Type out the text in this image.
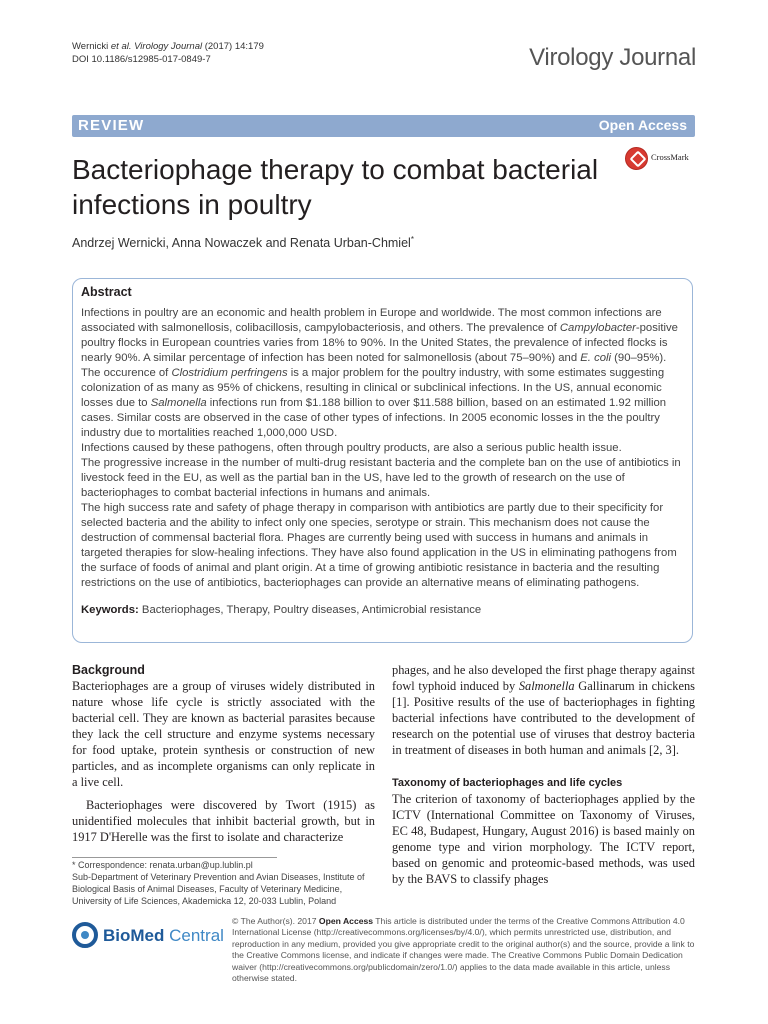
Wernicki et al. Virology Journal (2017) 14:179
DOI 10.1186/s12985-017-0849-7	Virology Journal
REVIEW	Open Access
Bacteriophage therapy to combat bacterial infections in poultry
CrossMark
Andrzej Wernicki, Anna Nowaczek and Renata Urban-Chmiel*
Abstract

Infections in poultry are an economic and health problem in Europe and worldwide. The most common infections are associated with salmonellosis, colibacillosis, campylobacteriosis, and others. The prevalence of Campylobacter-positive poultry flocks in European countries varies from 18% to 90%. In the United States, the prevalence of infected flocks is nearly 90%. A similar percentage of infection has been noted for salmonellosis (about 75–90%) and E. coli (90–95%). The occurence of Clostridium perfringens is a major problem for the poultry industry, with some estimates suggesting colonization of as many as 95% of chickens, resulting in clinical or subclinical infections. In the US, annual economic losses due to Salmonella infections run from $1.188 billion to over $11.588 billion, based on an estimated 1.92 million cases. Similar costs are observed in the case of other types of infections. In 2005 economic losses in the the poultry industry due to mortalities reached 1,000,000 USD.

Infections caused by these pathogens, often through poultry products, are also a serious public health issue.

The progressive increase in the number of multi-drug resistant bacteria and the complete ban on the use of antibiotics in livestock feed in the EU, as well as the partial ban in the US, have led to the growth of research on the use of bacteriophages to combat bacterial infections in humans and animals.

The high success rate and safety of phage therapy in comparison with antibiotics are partly due to their specificity for selected bacteria and the ability to infect only one species, serotype or strain. This mechanism does not cause the destruction of commensal bacterial flora. Phages are currently being used with success in humans and animals in targeted therapies for slow-healing infections. They have also found application in the US in eliminating pathogens from the surface of foods of animal and plant origin. At a time of growing antibiotic resistance in bacteria and the resulting restrictions on the use of antibiotics, bacteriophages can provide an alternative means of eliminating pathogens.

Keywords: Bacteriophages, Therapy, Poultry diseases, Antimicrobial resistance
Background

Bacteriophages are a group of viruses widely distributed in nature whose life cycle is strictly associated with the bacterial cell. They are known as bacterial parasites because they lack the cell structure and enzyme systems necessary for food uptake, protein synthesis or construction of new particles, and as incomplete organisms can only replicate in a live cell.

Bacteriophages were discovered by Twort (1915) as unidentified molecules that inhibit bacterial growth, but in 1917 D'Herelle was the first to isolate and characterize

phages, and he also developed the first phage therapy against fowl typhoid induced by Salmonella Gallinarum in chickens [1]. Positive results of the use of bacteriophages in fighting bacterial infections have contributed to the development of research on the potential use of viruses that destroy bacteria in treatment of diseases in both human and animals [2, 3].

Taxonomy of bacteriophages and life cycles

The criterion of taxonomy of bacteriophages applied by the ICTV (International Committee on Taxonomy of Viruses, EC 48, Budapest, Hungary, August 2016) is based mainly on genome type and virion morphology. The ICTV report, based on genomic and proteomic-based methods, was used by the BAVS to classify phages

* Correspondence: renata.urban@up.lublin.pl
Sub-Department of Veterinary Prevention and Avian Diseases, Institute of Biological Basis of Animal Diseases, Faculty of Veterinary Medicine, University of Life Sciences, Akademicka 12, 20-033 Lublin, Poland
BioMed Central
© The Author(s). 2017 Open Access This article is distributed under the terms of the Creative Commons Attribution 4.0 International License (http://creativecommons.org/licenses/by/4.0/), which permits unrestricted use, distribution, and reproduction in any medium, provided you give appropriate credit to the original author(s) and the source, provide a link to the Creative Commons license, and indicate if changes were made. The Creative Commons Public Domain Dedication waiver (http://creativecommons.org/publicdomain/zero/1.0/) applies to the data made available in this article, unless otherwise stated.
